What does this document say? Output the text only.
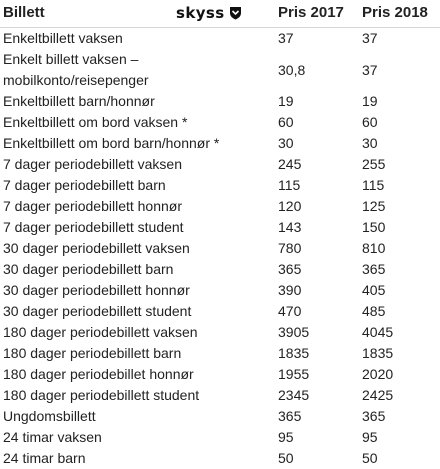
Billett	skyss	Pris 2017 Pris 2018
Enkeltbillett vaksen	37	37
Enkelt billett vaksen – mobilkonto/reisepenger
30,8	37
Enkeltbillett barn/honnør	19	19
Enkeltbillett om bord vaksen *	60	60
Enkeltbillett om bord barn/honnør *	30	30
7 dager periodebillett vaksen	245	255
7 dager periodebillett barn	115	115
7 dager periodebillett honnør	120	125
7 dager periodebillett student	143	150
30 dager periodebillett vaksen	780	810
30 dager periodebillett barn	365	365
30 dager periodebillett honnør	390	405
30 dager periodebillett student	470	485
180 dager periodebillett vaksen	3905	4045
180 dager periodebillett barn	1835	1835
180 dager periodebillet honnør	1955	2020
180 dager periodebillett student	2345	2425
Ungdomsbillett	365	365
24 timar vaksen	95	95
24 timar barn	50	50
